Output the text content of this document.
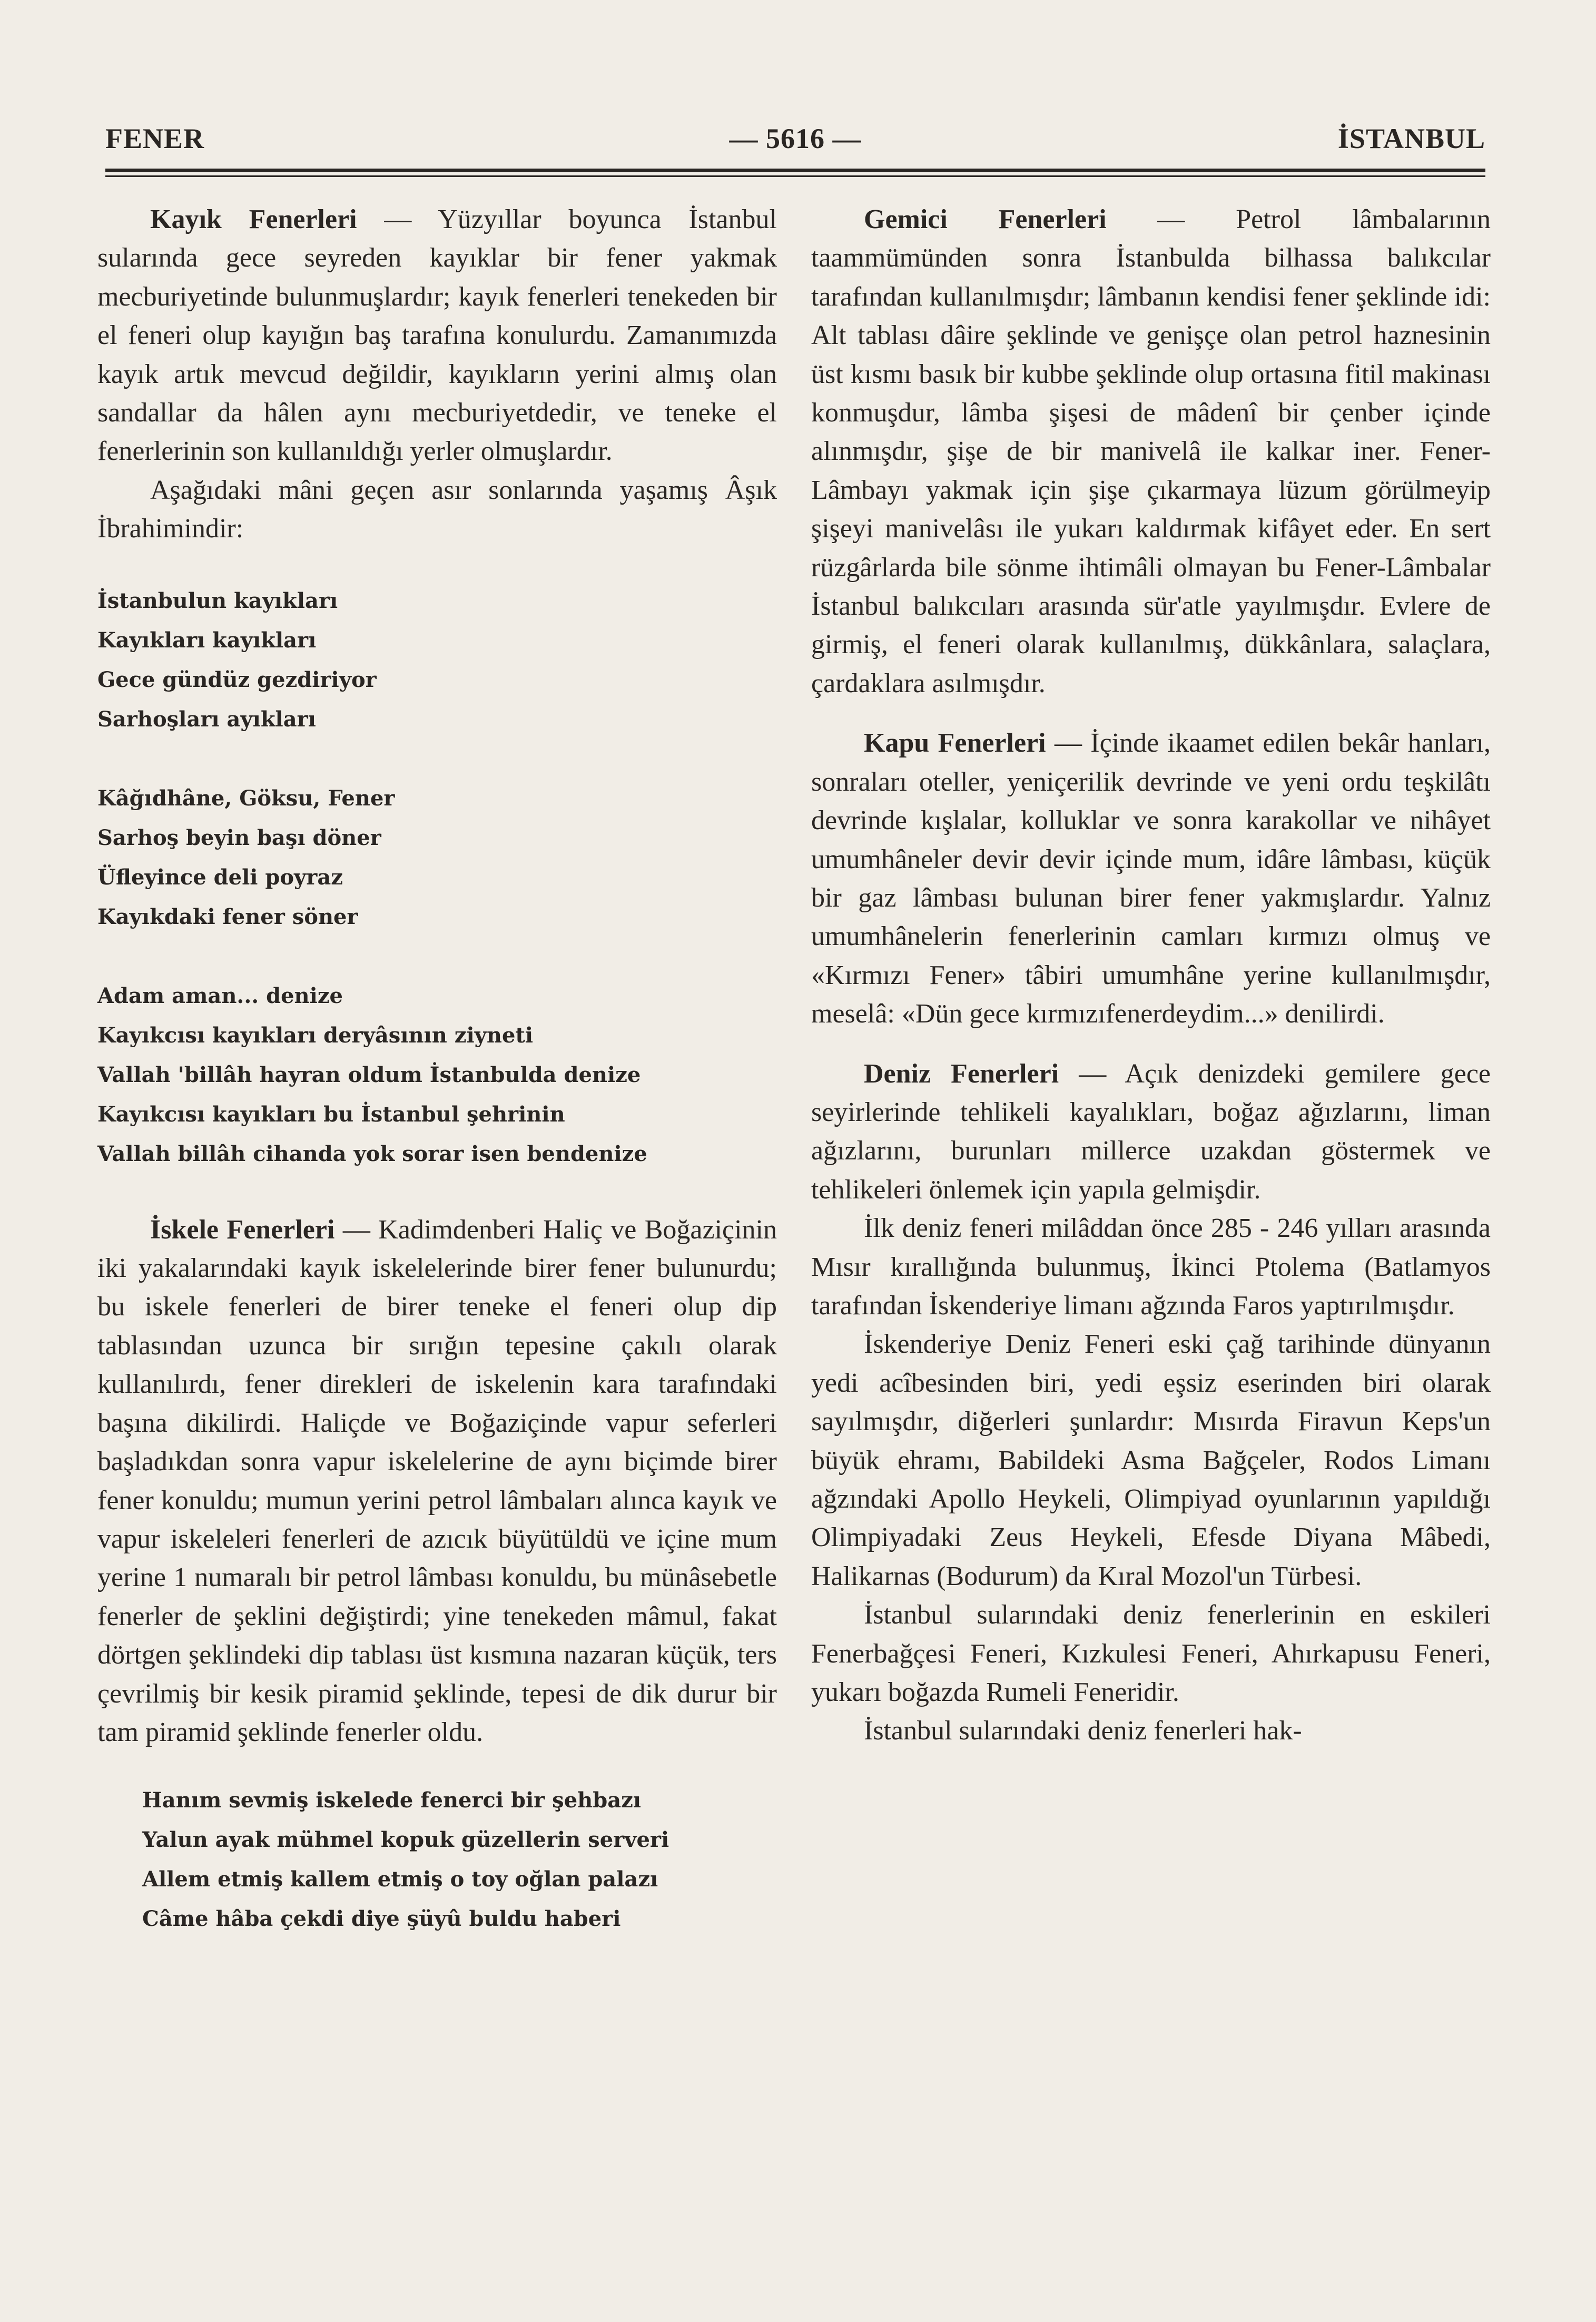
FENER	— 5616 —	İSTANBUL

Kayık Fenerleri — Yüzyıllar boyunca İstanbul sularında gece seyreden kayıklar bir fener yakmak mecburiyetinde bulunmuşlardır; kayık fenerleri tenekeden bir el feneri olup kayığın baş tarafına konulurdu. Zamanımızda kayık artık mevcud değildir, kayıkların yerini almış olan sandallar da hâlen aynı mecburiyetdedir, ve teneke el fenerlerinin son kullanıldığı yerler olmuşlardır.

Aşağıdaki mâni geçen asır sonlarında yaşamış Âşık İbrahimindir:

İstanbulun kayıkları
Kayıkları kayıkları
Gece gündüz gezdiriyor
Sarhoşları ayıkları
Kâğıdhâne, Göksu, Fener
Sarhoş beyin başı döner
Üfleyince deli poyraz
Kayıkdaki fener söner
Adam aman... denize
Kayıkcısı kayıkları deryâsının ziyneti
Vallah 'billâh hayran oldum İstanbulda denize
Kayıkcısı kayıkları bu İstanbul şehrinin
Vallah billâh cihanda yok sorar isen bendenize

İskele Fenerleri — Kadimdenberi Haliç ve Boğaziçinin iki yakalarındaki kayık iskelelerinde birer fener bulunurdu; bu iskele fenerleri de birer teneke el feneri olup dip tablasından uzunca bir sırığın tepesine çakılı olarak kullanılırdı, fener direkleri de iskelenin kara tarafındaki başına dikilirdi. Haliçde ve Boğaziçinde vapur seferleri başladıkdan sonra vapur iskelelerine de aynı biçimde birer fener konuldu; mumun yerini petrol lâmbaları alınca kayık ve vapur iskeleleri fenerleri de azıcık büyütüldü ve içine mum yerine 1 numaralı bir petrol lâmbası konuldu, bu münâsebetle fenerler de şeklini değiştirdi; yine tenekeden mâmul, fakat dörtgen şeklindeki dip tablası üst kısmına nazaran küçük, ters çevrilmiş bir kesik piramid şeklinde, tepesi de dik durur bir tam piramid şeklinde fenerler oldu.

Hanım sevmiş iskelede fenerci bir şehbazı
Yalun ayak mühmel kopuk güzellerin serveri
Allem etmiş kallem etmiş o toy oğlan palazı
Câme hâba çekdi diye şüyû buldu haberi

Gemici Fenerleri — Petrol lâmbalarının taammümünden sonra İstanbulda bilhassa balıkcılar tarafından kullanılmışdır; lâmbanın kendisi fener şeklinde idi: Alt tablası dâire şeklinde ve genişçe olan petrol haznesinin üst kısmı basık bir kubbe şeklinde olup ortasına fitil makinası konmuşdur, lâmba şişesi de mâdenî bir çenber içinde alınmışdır, şişe de bir manivelâ ile kalkar iner. Fener-Lâmbayı yakmak için şişe çıkarmaya lüzum görülmeyip şişeyi manivelâsı ile yukarı kaldırmak kifâyet eder. En sert rüzgârlarda bile sönme ihtimâli olmayan bu Fener-Lâmbalar İstanbul balıkcıları arasında sür'atle yayılmışdır. Evlere de girmiş, el feneri olarak kullanılmış, dükkânlara, salaçlara, çardaklara asılmışdır.

Kapu Fenerleri — İçinde ikaamet edilen bekâr hanları, sonraları oteller, yeniçerilik devrinde ve yeni ordu teşkilâtı devrinde kışlalar, kolluklar ve sonra karakollar ve nihâyet umumhâneler devir devir içinde mum, idâre lâmbası, küçük bir gaz lâmbası bulunan birer fener yakmışlardır. Yalnız umumhânelerin fenerlerinin camları kırmızı olmuş ve «Kırmızı Fener» tâbiri umumhâne yerine kullanılmışdır, meselâ: «Dün gece kırmızıfenerdeydim...» denilirdi.

Deniz Fenerleri — Açık denizdeki gemilere gece seyirlerinde tehlikeli kayalıkları, boğaz ağızlarını, liman ağızlarını, burunları millerce uzakdan göstermek ve tehlikeleri önlemek için yapıla gelmişdir.

İlk deniz feneri milâddan önce 285 - 246 yılları arasında Mısır kırallığında bulunmuş, İkinci Ptolema (Batlamyos tarafından İskenderiye limanı ağzında Faros yaptırılmışdır.

İskenderiye Deniz Feneri eski çağ tarihinde dünyanın yedi acîbesinden biri, yedi eşsiz eserinden biri olarak sayılmışdır, diğerleri şunlardır: Mısırda Firavun Keps'un büyük ehramı, Babildeki Asma Bağçeler, Rodos Limanı ağzındaki Apollo Heykeli, Olimpiyad oyunlarının yapıldığı Olimpiyadaki Zeus Heykeli, Efesde Diyana Mâbedi, Halikarnas (Bodurum) da Kıral Mozol'un Türbesi.

İstanbul sularındaki deniz fenerlerinin en eskileri Fenerbağçesi Feneri, Kızkulesi Feneri, Ahırkapusu Feneri, yukarı boğazda Rumeli Feneridir.

İstanbul sularındaki deniz fenerleri hak-
